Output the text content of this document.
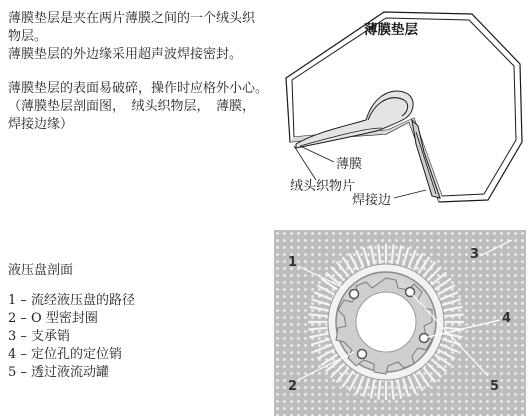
薄膜垫层是夹在两片薄膜之间的一个绒头织
物层。
薄膜垫层的外边缘采用超声波焊接密封。
薄膜垫层的表面易破碎，操作时应格外小心。
（薄膜垫层剖面图，　绒头织物层，　薄膜，
焊接边缘）
薄膜垫层
薄膜
绒头织物片
焊接边
液压盘剖面
1 – 流经液压盘的路径
2 – O 型密封圈
3 – 支承销
4 – 定位孔的定位销
5 – 透过液流动罐
1
2
3
4
5
